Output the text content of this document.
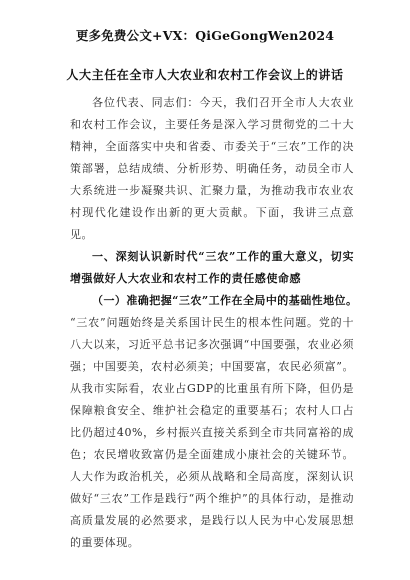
更多免费公文+VX：QiGeGongWen2024
人大主任在全市人大农业和农村工作会议上的讲话
各位代表、同志们：今天，我们召开全市人大农业和农村工作会议，主要任务是深入学习贯彻党的二十大精神，全面落实中央和省委、市委关于“三农”工作的决策部署，总结成绩、分析形势、明确任务，动员全市人大系统进一步凝聚共识、汇聚力量，为推动我市农业农村现代化建设作出新的更大贡献。下面，我讲三点意见。
一、深刻认识新时代“三农”工作的重大意义，切实增强做好人大农业和农村工作的责任感使命感
（一）准确把握“三农”工作在全局中的基础性地位。
“三农”问题始终是关系国计民生的根本性问题。党的十八大以来，习近平总书记多次强调“中国要强，农业必须强；中国要美，农村必须美；中国要富，农民必须富”。从我市实际看，农业占GDP的比重虽有所下降，但仍是保障粮食安全、维护社会稳定的重要基石；农村人口占比仍超过40%，乡村振兴直接关系到全市共同富裕的成色；农民增收致富仍是全面建成小康社会的关键环节。人大作为政治机关，必须从战略和全局高度，深刻认识做好“三农”工作是践行“两个维护”的具体行动，是推动高质量发展的必然要求，是践行以人民为中心发展思想的重要体现。
